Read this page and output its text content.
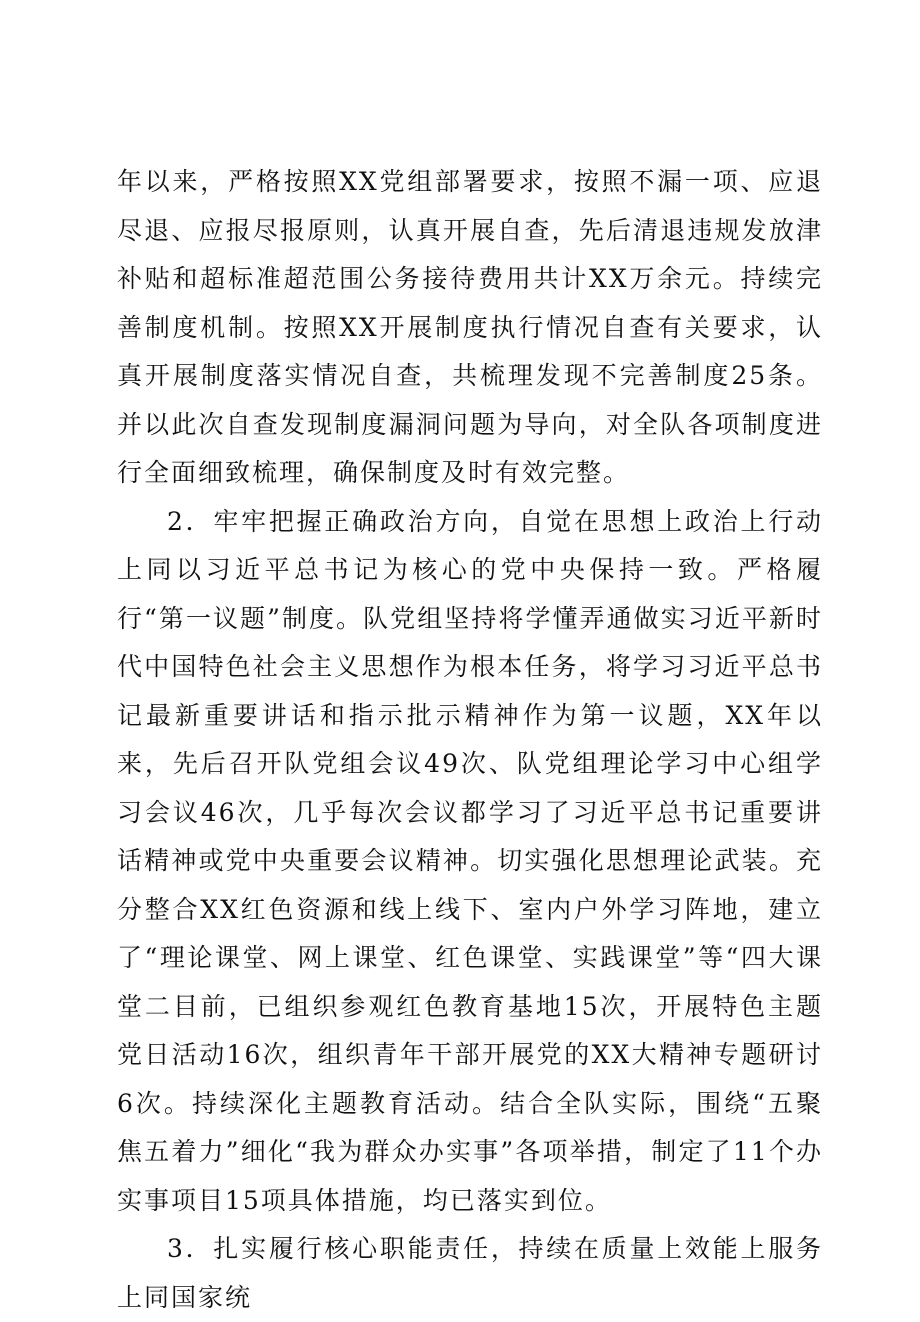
年以来，严格按照XX党组部署要求，按照不漏一项、应退尽退、应报尽报原则，认真开展自查，先后清退违规发放津补贴和超标准超范围公务接待费用共计XX万余元。持续完善制度机制。按照XX开展制度执行情况自查有关要求，认真开展制度落实情况自查，共梳理发现不完善制度25条。并以此次自查发现制度漏洞问题为导向，对全队各项制度进行全面细致梳理，确保制度及时有效完整。

2．牢牢把握正确政治方向，自觉在思想上政治上行动上同以习近平总书记为核心的党中央保持一致。严格履行“第一议题”制度。队党组坚持将学懂弄通做实习近平新时代中国特色社会主义思想作为根本任务，将学习习近平总书记最新重要讲话和指示批示精神作为第一议题，XX年以来，先后召开队党组会议49次、队党组理论学习中心组学习会议46次，几乎每次会议都学习了习近平总书记重要讲话精神或党中央重要会议精神。切实强化思想理论武装。充分整合XX红色资源和线上线下、室内户外学习阵地，建立了“理论课堂、网上课堂、红色课堂、实践课堂”等“四大课堂二目前，已组织参观红色教育基地15次，开展特色主题党日活动16次，组织青年干部开展党的XX大精神专题研讨6次。持续深化主题教育活动。结合全队实际，围绕“五聚焦五着力”细化“我为群众办实事”各项举措，制定了11个办实事项目15项具体措施，均已落实到位。

3．扎实履行核心职能责任，持续在质量上效能上服务上同国家统
